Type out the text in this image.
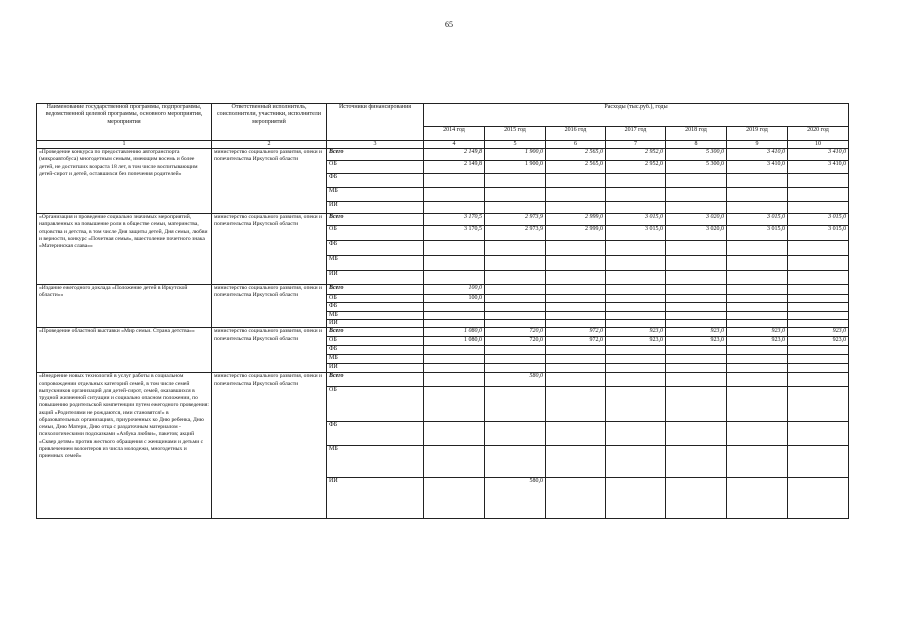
65
Наименование государственной программы, подпрограммы, ведомственной целевой программы, основного мероприятия, мероприятия	Ответственный исполнитель, соисполнители, участники, исполнители мероприятий	Источники финансирования	Расходы (тыс.руб.), годы						
			2014 год	2015 год	2016 год	2017 год	2018 год	2019 год	2020 год
1	2	3	4	5	6	7	8	9	10
«Проведение конкурса по предоставлению автотранспорта (микроавтобуса) многодетным семьям, имеющим восемь и более детей, не достигших возраста 18 лет, в том числе воспитывающим детей-сирот и детей, оставшихся без попечения родителей»	министерство социального развития, опеки и попечительства Иркутской области	Всего	2 149,8	1 900,0	2 565,0	2 952,0	5 300,0	3 410,0	3 410,0
		ОБ	2 149,8	1 900,0	2 565,0	2 952,0	5 300,0	3 410,0	3 410,0
		ФБ							
		МБ							
		ИИ							
«Организация и проведение социально значимых мероприятий, направленных на повышение роли в обществе семьи, материнства, отцовства и детства, в том числе Дня защиты детей, Дня семьи, любви и верности, конкурс «Почетная семья», вшестоление почетного знака «Материнская слава»»	министерство социального развития, опеки и попечительства Иркутской области	Всего	3 170,5	2 973,9	2 999,0	3 015,0	3 020,0	3 015,0	3 015,0
		ОБ	3 170,5	2 973,9	2 999,0	3 015,0	3 020,0	3 015,0	3 015,0
		ФБ							
		МБ							
		ИИ							
«Издание ежегодного доклада «Положение детей в Иркутской области»»	министерство социального развития, опеки и попечительства Иркутской области	Всего	100,0						
		ОБ	100,0						
		ФБ							
		МБ							
		ИИ							
«Проведение областной выставки «Мир семьи. Страна детства»»	министерство социального развития, опеки и попечительства Иркутской области	Всего	1 080,0	720,0	972,0	923,0	923,0	923,0	923,0
		ОБ	1 080,0	720,0	972,0	923,0	923,0	923,0	923,0
		ФБ							
		МБ							
		ИИ							
«Внедрение новых технологий в услуг работы в социальном сопровождении отдельных категорий семей, в том числе семей выпускников организаций для детей-сирот, семей, оказавшихся в трудной жизненной ситуации и социально опасном положении, по повышению родительской компетенции путем ежегодного проведения: акций «Родителями не рождаются, ими становятся!» в образовательных организациях, приуроченных ко Дню ребенка, Дню семьи, Дню Матери, Дню отца с раздаточным материалом - психологическими подсказками «Азбука любви», пакетов; акций «Сквер детям» против жесткого обращения с женщинами и детьми с привлечением волонтеров из числа молодежи, многодетных и приемных семей»	министерство социального развития, опеки и попечительства Иркутской области	Всего		580,0					
		ОБ							
		ФБ							
		МБ							
		ИИ		580,0					
